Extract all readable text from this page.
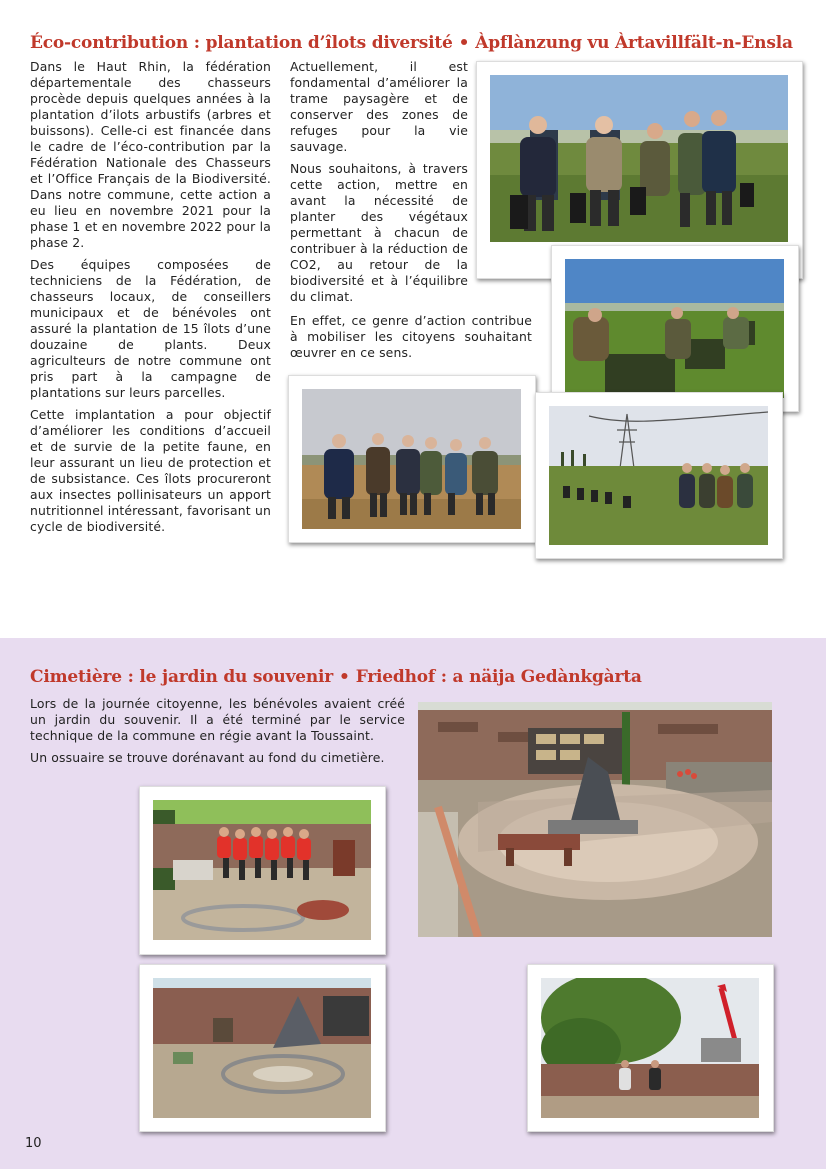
Éco-contribution : plantation d’îlots diversité • Àpflànzung vu Àrtavillfält-n-Ensla

Dans le Haut Rhin, la fédération départementale des chasseurs procède depuis quelques années à la plantation d’ilots arbustifs (arbres et buissons). Celle-ci est financée dans le cadre de l’éco-contribution par la Fédération Nationale des Chasseurs et l’Office Français de la Biodiversité. Dans notre commune, cette action a eu lieu en novembre 2021 pour la phase 1 et en novembre 2022 pour la phase 2.

Des équipes composées de techniciens de la Fédération, de chasseurs locaux, de conseillers municipaux et de bénévoles ont assuré la plantation de 15 îlots d’une douzaine de plants. Deux agriculteurs de notre commune ont pris part à la campagne de plantations sur leurs parcelles.

Cette implantation a pour objectif d’améliorer les conditions d’accueil et de survie de la petite faune, en leur assurant un lieu de protection et de subsistance. Ces îlots procureront aux insectes pollinisateurs un apport nutritionnel intéressant, favorisant un cycle de biodiversité.

Actuellement, il est fondamental d’améliorer la trame paysagère et de conserver des zones de refuges pour la vie sauvage.

Nous souhaitons, à travers cette action, mettre en avant la nécessité de planter des végétaux permettant à chacun de contribuer à la réduction de CO2, au retour de la biodiversité et à l’équilibre du climat.

En effet, ce genre d’action contribue à mobiliser les citoyens souhaitant œuvrer en ce sens.

Cimetière : le jardin du souvenir • Friedhof : a näija Gedànkgàrta

Lors de la journée citoyenne, les bénévoles avaient créé un jardin du souvenir. Il a été terminé par le service technique de la commune en régie avant la Toussaint.

Un ossuaire se trouve dorénavant au fond du cimetière.

10
